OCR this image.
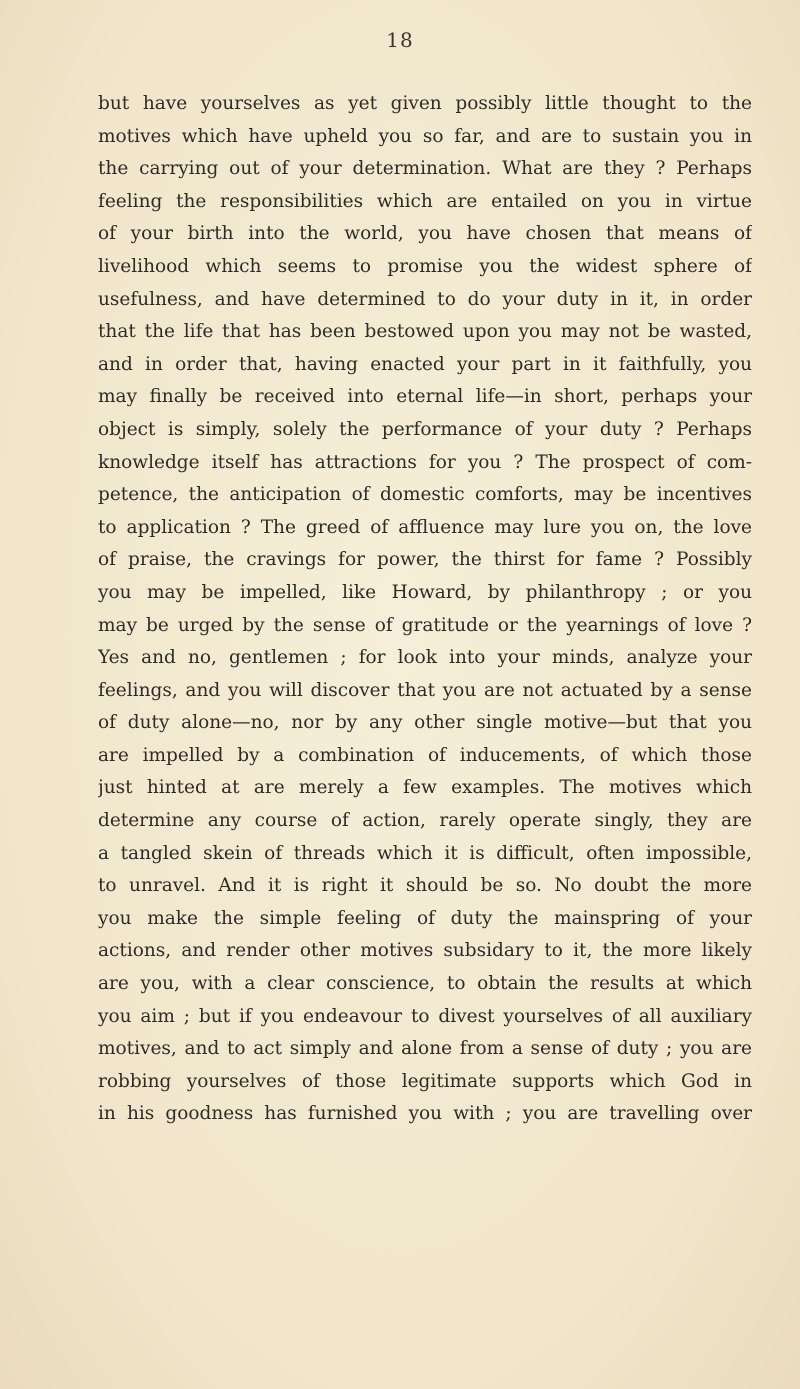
18
but have yourselves as yet given possibly little thought to the
motives which have upheld you so far, and are to sustain you in
the carrying out of your determination. What are they ? Perhaps
feeling the responsibilities which are entailed on you in virtue
of your birth into the world, you have chosen that means of
livelihood which seems to promise you the widest sphere of
usefulness, and have determined to do your duty in it, in order
that the life that has been bestowed upon you may not be wasted,
and in order that, having enacted your part in it faithfully, you
may finally be received into eternal life—in short, perhaps your
object is simply, solely the performance of your duty ? Perhaps
knowledge itself has attractions for you ? The prospect of com-
petence, the anticipation of domestic comforts, may be incentives
to application ? The greed of affluence may lure you on, the love
of praise, the cravings for power, the thirst for fame ? Possibly
you may be impelled, like Howard, by philanthropy ; or you
may be urged by the sense of gratitude or the yearnings of love ?
Yes and no, gentlemen ; for look into your minds, analyze your
feelings, and you will discover that you are not actuated by a sense
of duty alone—no, nor by any other single motive—but that you
are impelled by a combination of inducements, of which those
just hinted at are merely a few examples. The motives which
determine any course of action, rarely operate singly, they are
a tangled skein of threads which it is difficult, often impossible,
to unravel. And it is right it should be so. No doubt the more
you make the simple feeling of duty the mainspring of your
actions, and render other motives subsidary to it, the more likely
are you, with a clear conscience, to obtain the results at which
you aim ; but if you endeavour to divest yourselves of all auxiliary
motives, and to act simply and alone from a sense of duty ; you are
robbing yourselves of those legitimate supports which God in
in his goodness has furnished you with ; you are travelling over
